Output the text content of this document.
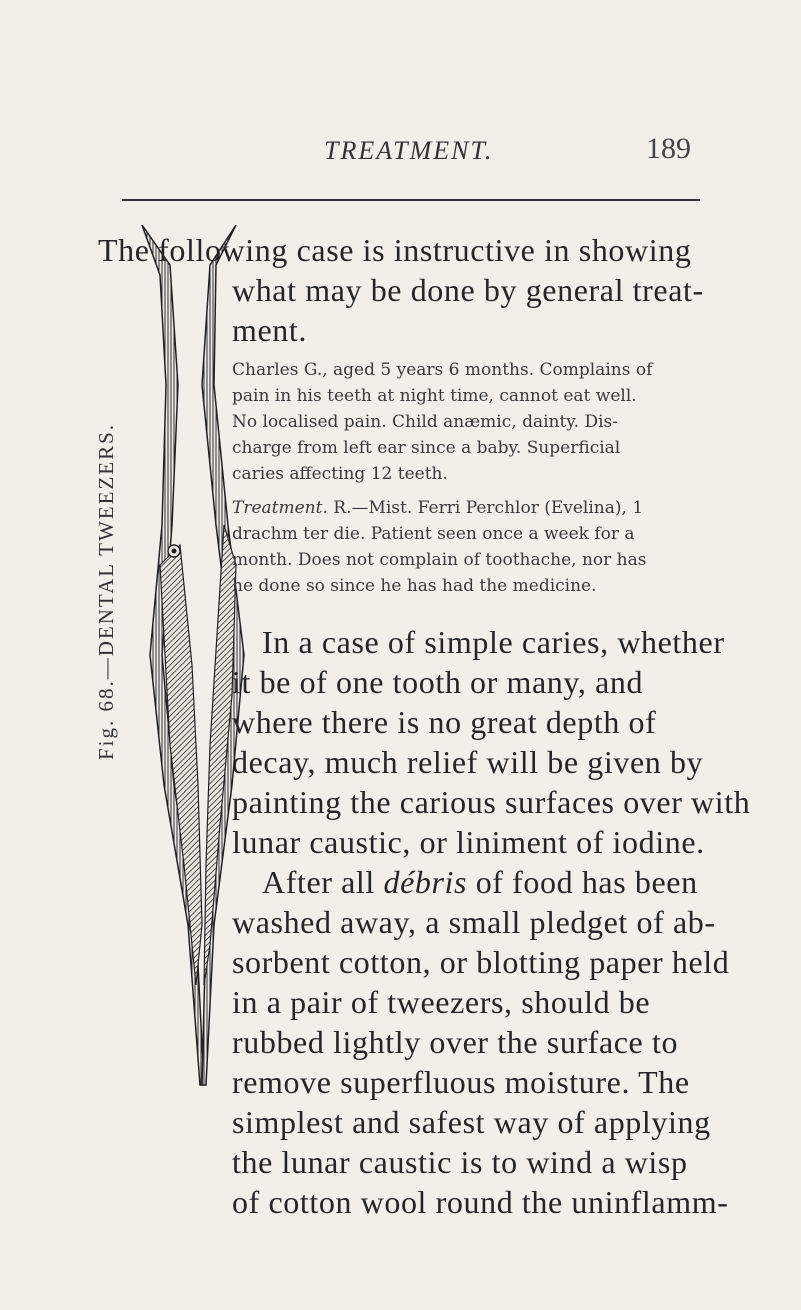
TREATMENT.	189
Fig. 68.—DENTAL TWEEZERS.
The following case is instructive in showing
what may be done by general treat-
ment.
Charles G., aged 5 years 6 months. Complains of
pain in his teeth at night time, cannot eat well.
No localised pain. Child anæmic, dainty. Dis-
charge from left ear since a baby. Superficial
caries affecting 12 teeth.
Treatment. R.—Mist. Ferri Perchlor (Evelina), 1
drachm ter die. Patient seen once a week for a
month. Does not complain of toothache, nor has
he done so since he has had the medicine.
In a case of simple caries, whether
it be of one tooth or many, and
where there is no great depth of
decay, much relief will be given by
painting the carious surfaces over with
lunar caustic, or liniment of iodine.
After all débris of food has been
washed away, a small pledget of ab-
sorbent cotton, or blotting paper held
in a pair of tweezers, should be
rubbed lightly over the surface to
remove superfluous moisture. The
simplest and safest way of applying
the lunar caustic is to wind a wisp
of cotton wool round the uninflamm-
